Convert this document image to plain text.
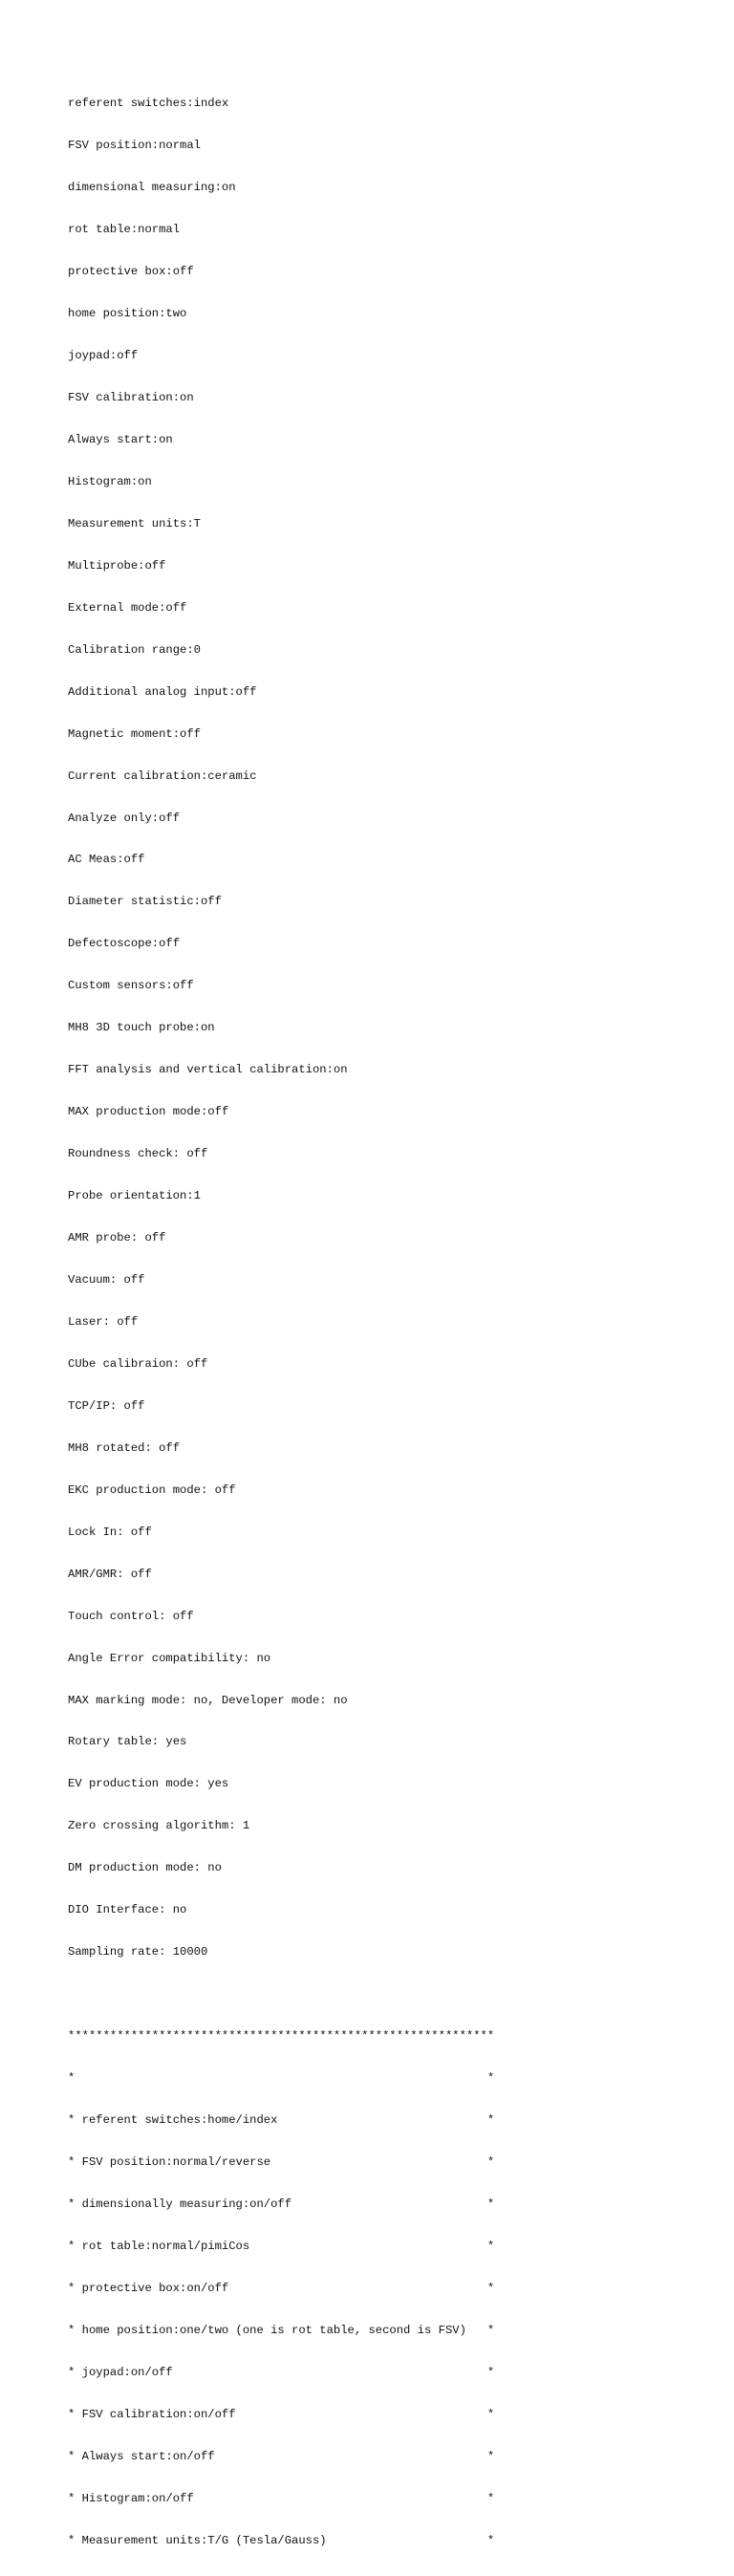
referent switches:index

FSV position:normal

dimensional measuring:on

rot table:normal

protective box:off

home position:two

joypad:off

FSV calibration:on

Always start:on

Histogram:on

Measurement units:T

Multiprobe:off

External mode:off

Calibration range:0

Additional analog input:off

Magnetic moment:off

Current calibration:ceramic

Analyze only:off

AC Meas:off

Diameter statistic:off

Defectoscope:off

Custom sensors:off

MH8 3D touch probe:on

FFT analysis and vertical calibration:on

MAX production mode:off

Roundness check: off

Probe orientation:1

AMR probe: off

Vacuum: off

Laser: off

CUbe calibraion: off

TCP/IP: off

MH8 rotated: off

EKC production mode: off

Lock In: off

AMR/GMR: off

Touch control: off

Angle Error compatibility: no

MAX marking mode: no, Developer mode: no

Rotary table: yes

EV production mode: yes

Zero crossing algorithm: 1

DM production mode: no

DIO Interface: no

Sampling rate: 10000

*************************************************************

*                                                           *

* referent switches:home/index                              *

* FSV position:normal/reverse                               *

* dimensionally measuring:on/off                            *

* rot table:normal/pimiCos                                  *

* protective box:on/off                                     *

* home position:one/two (one is rot table, second is FSV)   *

* joypad:on/off                                             *

* FSV calibration:on/off                                    *

* Always start:on/off                                       *

* Histogram:on/off                                          *

* Measurement units:T/G (Tesla/Gauss)                       *
